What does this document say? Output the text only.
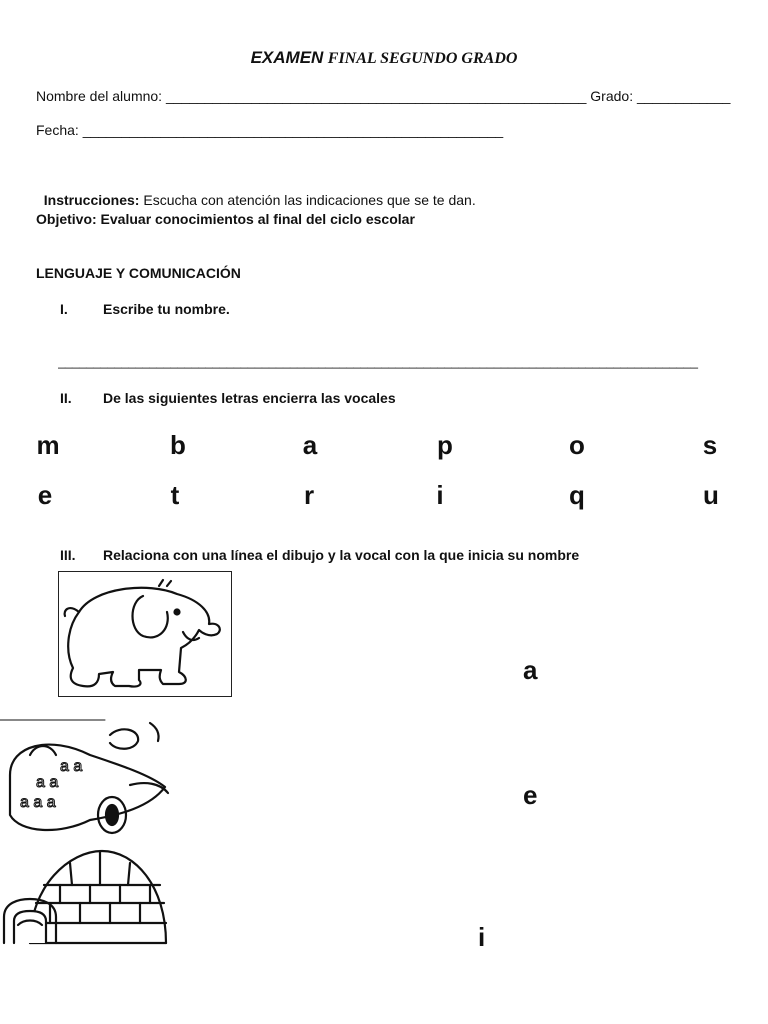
EXAMEN FINAL SEGUNDO GRADO
Nombre del alumno: ______________________________________________________ Grado: ____________
Fecha: ______________________________________________________

Instrucciones: Escucha con atención las indicaciones que se te dan.

Objetivo: Evaluar conocimientos al final del ciclo escolar
LENGUAJE Y COMUNICACIÓN
I.	Escribe tu nombre.
___________________________________________________________________________________________
II. De las siguientes letras encierra las vocales
m	b	a	p	o	s
e	t	r	i	q	u
III. Relaciona con una línea el dibujo y la vocal con la que inicia su nombre
a a
a a a
a a
a
e
i
